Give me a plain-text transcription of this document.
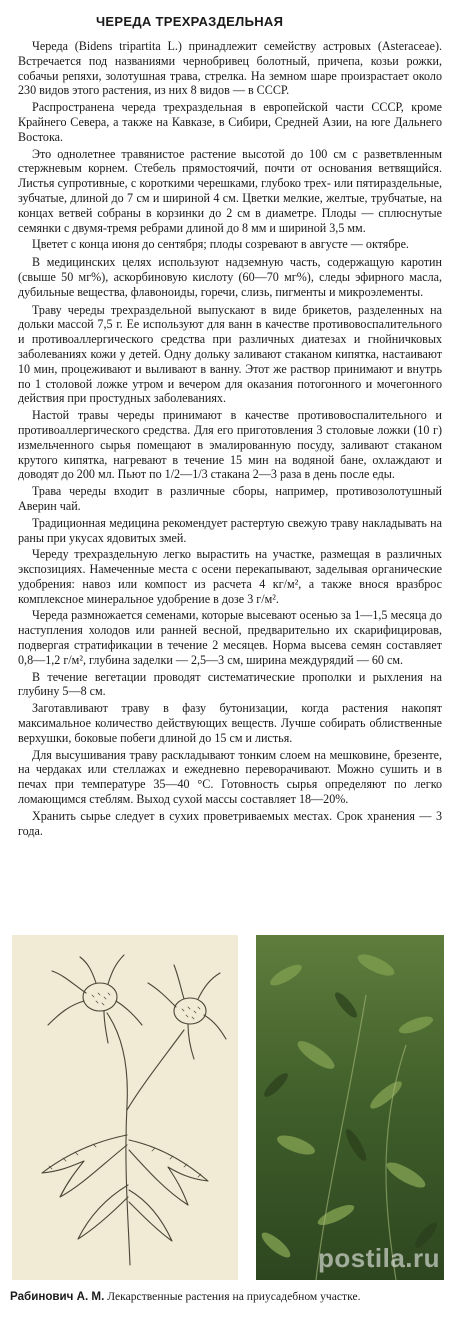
ЧЕРЕДА ТРЕХРАЗДЕЛЬНАЯ

Череда (Bidens tripartita L.) принадлежит семейству астровых (Asteraceae). Встречается под названиями чернобривец болотный, причепа, козьи рожки, собачьи репяхи, золотушная трава, стрелка. На земном шаре произрастает около 230 видов этого растения, из них 8 видов — в СССР.

Распространена череда трехраздельная в европейской части СССР, кроме Крайнего Севера, а также на Кавказе, в Сибири, Средней Азии, на юге Дальнего Востока.

Это однолетнее травянистое растение высотой до 100 см с разветвленным стержневым корнем. Стебель прямостоячий, почти от основания ветвящийся. Листья супротивные, с короткими черешками, глубоко трех- или пятираздельные, зубчатые, длиной до 7 см и шириной 4 см. Цветки мелкие, желтые, трубчатые, на концах ветвей собраны в корзинки до 2 см в диаметре. Плоды — сплюснутые семянки с двумя-тремя ребрами длиной до 8 мм и шириной 3,5 мм.

Цветет с конца июня до сентября; плоды созревают в августе — октябре.

В медицинских целях используют надземную часть, содержащую каротин (свыше 50 мг%), аскорбиновую кислоту (60—70 мг%), следы эфирного масла, дубильные вещества, флавоноиды, горечи, слизь, пигменты и микроэлементы.

Траву череды трехраздельной выпускают в виде брикетов, разделенных на дольки массой 7,5 г. Ее используют для ванн в качестве противовоспалительного и противоаллергического средства при различных диатезах и гнойничковых заболеваниях кожи у детей. Одну дольку заливают стаканом кипятка, настаивают 10 мин, процеживают и выливают в ванну. Этот же раствор принимают и внутрь по 1 столовой ложке утром и вечером для оказания потогонного и мочегонного действия при простудных заболеваниях.

Настой травы череды принимают в качестве противовоспалительного и противоаллергического средства. Для его приготовления 3 столовые ложки (10 г) измельченного сырья помещают в эмалированную посуду, заливают стаканом крутого кипятка, нагревают в течение 15 мин на водяной бане, охлаждают и доводят до 200 мл. Пьют по 1/2—1/3 стакана 2—3 раза в день после еды.

Трава череды входит в различные сборы, например, противозолотушный Аверин чай.

Традиционная медицина рекомендует растертую свежую траву накладывать на раны при укусах ядовитых змей.

Череду трехраздельную легко вырастить на участке, размещая в различных экспозициях. Намеченные места с осени перекапывают, заделывая органические удобрения: навоз или компост из расчета 4 кг/м², а также внося вразброс комплексное минеральное удобрение в дозе 3 г/м².

Череда размножается семенами, которые высевают осенью за 1—1,5 месяца до наступления холодов или ранней весной, предварительно их скарифицировав, подвергая стратификации в течение 2 месяцев. Норма высева семян составляет 0,8—1,2 г/м², глубина заделки — 2,5—3 см, ширина междурядий — 60 см.

В течение вегетации проводят систематические прополки и рыхления на глубину 5—8 см.

Заготавливают траву в фазу бутонизации, когда растения накопят максимальное количество действующих веществ. Лучше собирать облиственные верхушки, боковые побеги длиной до 15 см и листья.

Для высушивания траву раскладывают тонким слоем на мешковине, брезенте, на чердаках или стеллажах и ежедневно переворачивают. Можно сушить и в печах при температуре 35—40 °С. Готовность сырья определяют по легко ломающимся стеблям. Выход сухой массы составляет 18—20%.

Хранить сырье следует в сухих проветриваемых местах. Срок хранения — 3 года.

postila.ru
Рабинович А. М. Лекарственные растения на приусадебном участке.
